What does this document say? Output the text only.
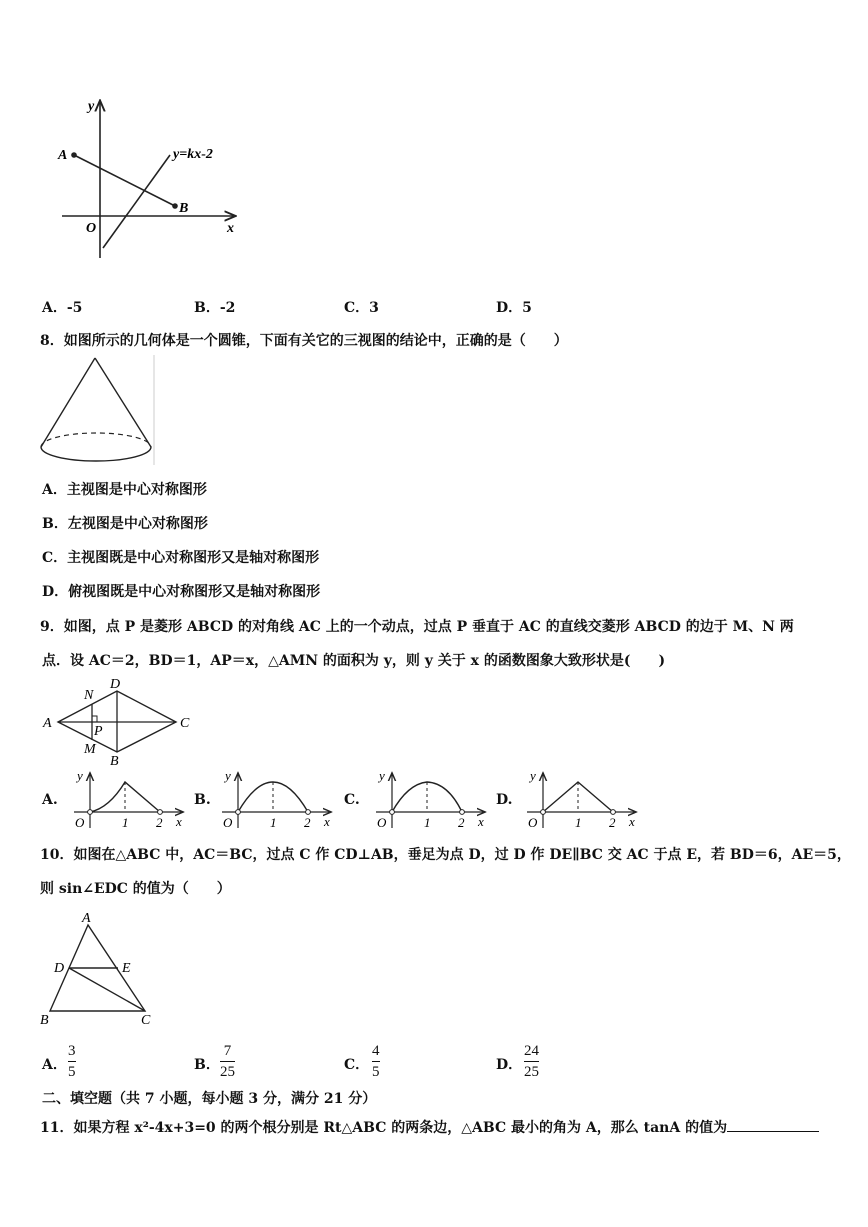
y
x
O
A
B
y=kx-2
A．-5	B．-2	C．3	D．5
8．如图所示的几何体是一个圆锥，下面有关它的三视图的结论中，正确的是（　　）
A．主视图是中心对称图形
B．左视图是中心对称图形
C．主视图既是中心对称图形又是轴对称图形
D．俯视图既是中心对称图形又是轴对称图形
9．如图，点 P 是菱形 ABCD 的对角线 AC 上的一个动点，过点 P 垂直于 AC 的直线交菱形 ABCD 的边于 M、N 两
点．设 AC＝2，BD＝1，AP＝x，△AMN 的面积为 y，则 y 关于 x 的函数图象大致形状是(　　)
A
D
C
B
N
M
P
A.	B.	C.	D.
O
y
x
1 2	O
y
x
1 2	O
y
x
1 2	O
y
x
1 2
10．如图在△ABC 中，AC＝BC，过点 C 作 CD⊥AB，垂足为点 D，过 D 作 DE∥BC 交 AC 于点 E，若 BD＝6，AE＝5，
则 sin∠EDC 的值为（　　）
A
D	E
B	C
A．
3
5	B．
7
25	C．
4
5	D．
24
25
二、填空题（共 7 小题，每小题 3 分，满分 21 分）
11．如果方程 x²-4x+3=0 的两个根分别是 Rt△ABC 的两条边，△ABC 最小的角为 A，那么 tanA 的值为
